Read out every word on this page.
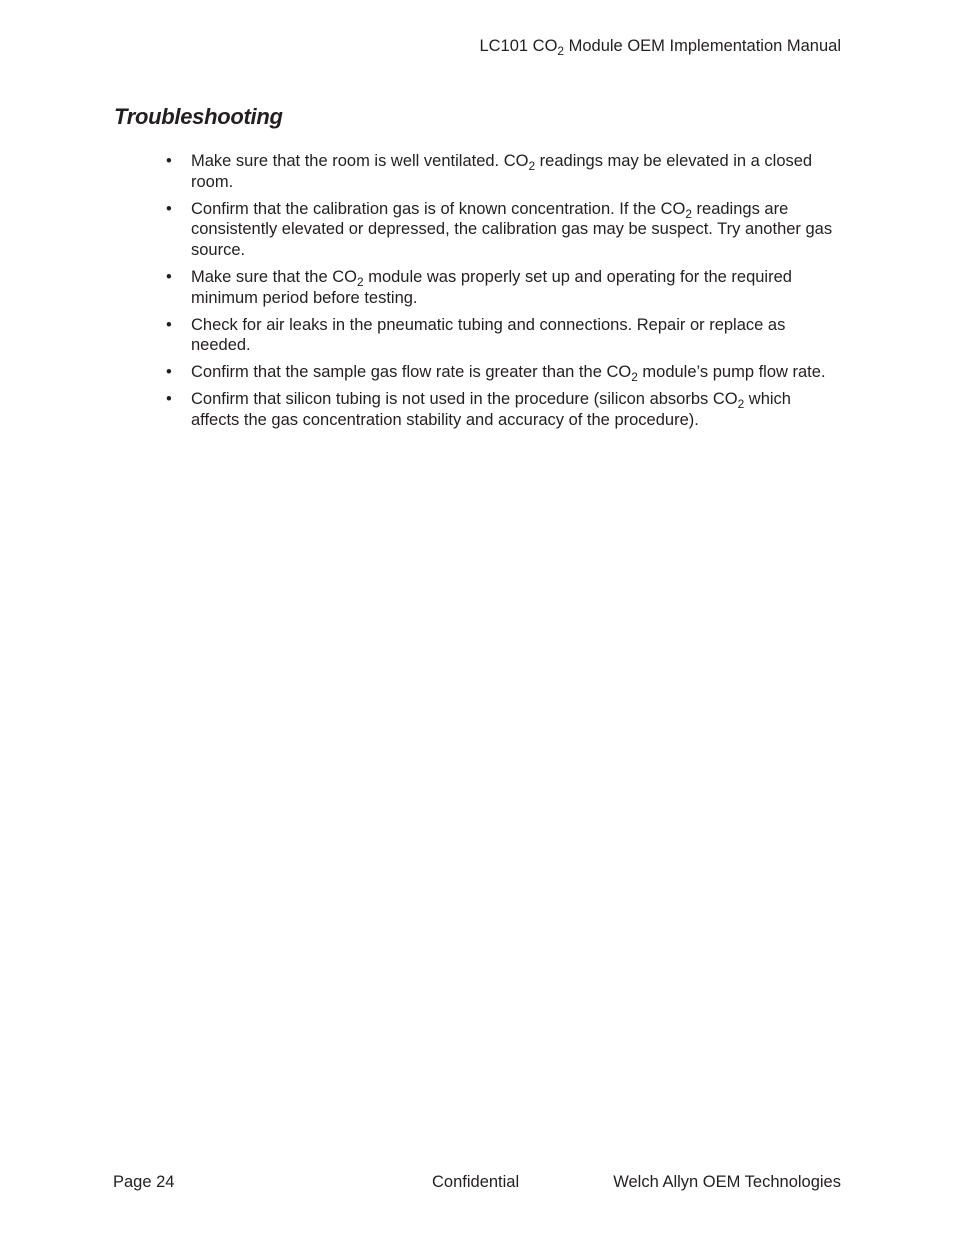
LC101 $CO_2$ Module OEM Implementation Manual
Troubleshooting
• Make sure that the room is well ventilated. $CO_2$ readings may be elevated in a closed room.
• Confirm that the calibration gas is of known concentration. If the $CO_2$ readings are consistently elevated or depressed, the calibration gas may be suspect. Try another gas source.
• Make sure that the $CO_2$ module was properly set up and operating for the required minimum period before testing.
• Check for air leaks in the pneumatic tubing and connections. Repair or replace as needed.
• Confirm that the sample gas flow rate is greater than the $CO_2$ module’s pump flow rate.
• Confirm that silicon tubing is not used in the procedure (silicon absorbs $CO_2$ which affects the gas concentration stability and accuracy of the procedure).
Page 24	Confidential	Welch Allyn OEM Technologies
